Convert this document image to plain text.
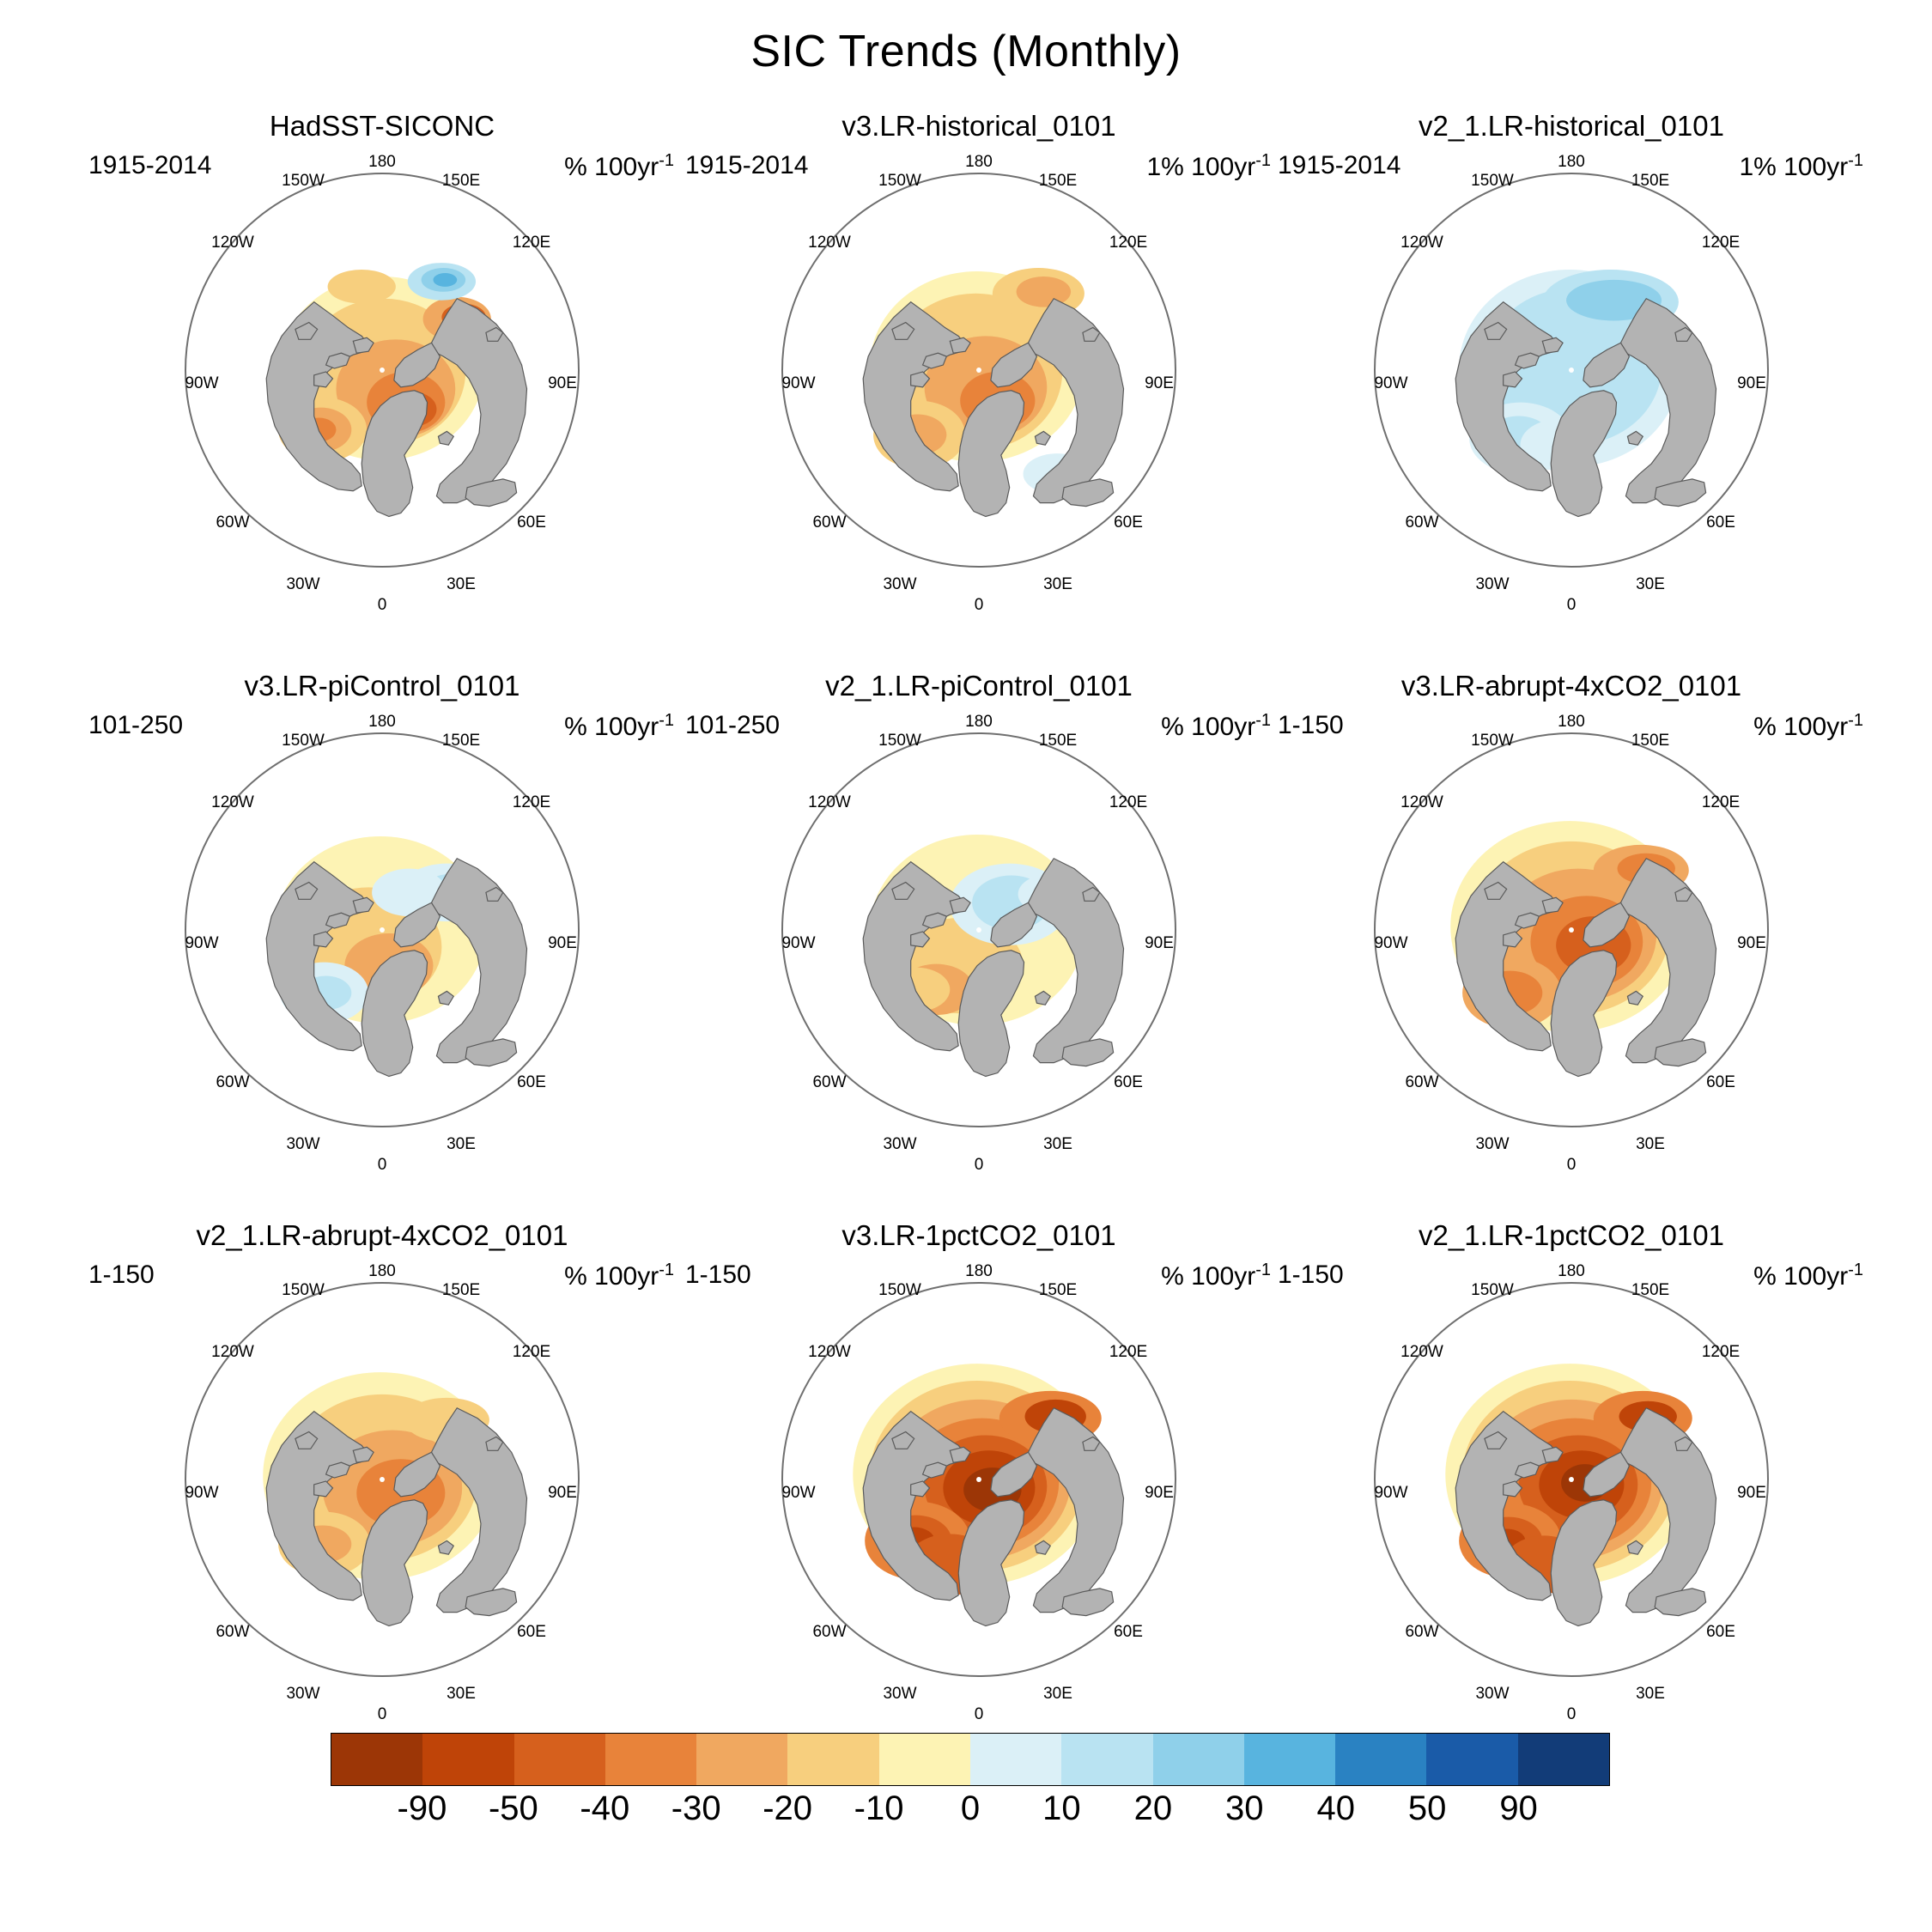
SIC Trends (Monthly)
HadSST-SICONC
1915-2014	% $100yr^{-1}$
180
150W
120W
90W
60W
30W
0
30E
60E
90E
120E
150E
v3.LR-historical_0101
1915-2014	1% $100yr^{-1}$
180
150W
120W
90W
60W
30W
0
30E
60E
90E
120E
150E
v2_1.LR-historical_0101
1915-2014	1% $100yr^{-1}$
180
150W
120W
90W
60W
30W
0
30E
60E
90E
120E
150E
v3.LR-piControl_0101
101-250	% $100yr^{-1}$
180
150W
120W
90W
60W
30W
0
30E
60E
90E
120E
150E
v2_1.LR-piControl_0101
101-250	% $100yr^{-1}$
180
150W
120W
90W
60W
30W
0
30E
60E
90E
120E
150E
v3.LR-abrupt-4xCO2_0101
1-150	% $100yr^{-1}$
180
150W
120W
90W
60W
30W
0
30E
60E
90E
120E
150E
v2_1.LR-abrupt-4xCO2_0101
1-150	% $100yr^{-1}$
180
150W
120W
90W
60W
30W
0
30E
60E
90E
120E
150E
v3.LR-1pctCO2_0101
1-150	% $100yr^{-1}$
180
150W
120W
90W
60W
30W
0
30E
60E
90E
120E
150E
v2_1.LR-1pctCO2_0101
1-150	% $100yr^{-1}$
180
150W
120W
90W
60W
30W
0
30E
60E
90E
120E
150E
-90 -50 -40 -30 -20 -10 0 10 20 30 40 50 90
